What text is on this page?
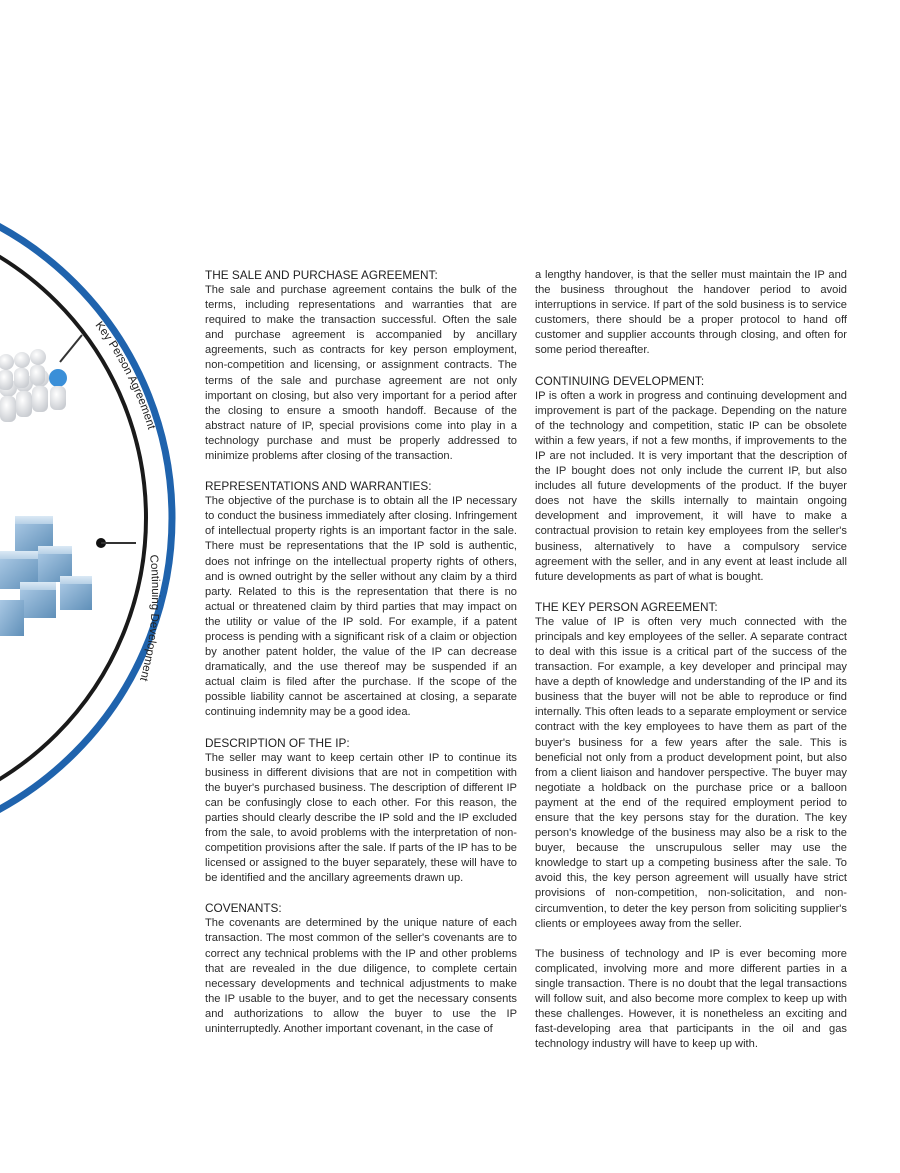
Key Person Agreement
Continuing Development

THE SALE AND PURCHASE AGREEMENT:

The sale and purchase agreement contains the bulk of the terms, including representations and warranties that are required to make the transaction successful. Often the sale and purchase agreement is accompanied by ancillary agreements, such as contracts for key person employment, non-competition and licensing, or assignment contracts. The terms of the sale and purchase agreement are not only important on closing, but also very important for a period after the closing to ensure a smooth handoff. Because of the abstract nature of IP, special provisions come into play in a technology purchase and must be properly addressed to minimize problems after closing of the transaction.

REPRESENTATIONS AND WARRANTIES:

The objective of the purchase is to obtain all the IP necessary to conduct the business immediately after closing. Infringement of intellectual property rights is an important factor in the sale. There must be representations that the IP sold is authentic, does not infringe on the intellectual property rights of others, and is owned outright by the seller without any claim by a third party. Related to this is the representation that there is no actual or threatened claim by third parties that may impact on the utility or value of the IP sold. For example, if a patent process is pending with a significant risk of a claim or objection by another patent holder, the value of the IP can decrease dramatically, and the use thereof may be suspended if an actual claim is filed after the purchase. If the scope of the possible liability cannot be ascertained at closing, a separate continuing indemnity may be a good idea.

DESCRIPTION OF THE IP:

The seller may want to keep certain other IP to continue its business in different divisions that are not in competition with the buyer's purchased business. The description of different IP can be confusingly close to each other. For this reason, the parties should clearly describe the IP sold and the IP excluded from the sale, to avoid problems with the interpretation of non-competition provisions after the sale. If parts of the IP has to be licensed or assigned to the buyer separately, these will have to be identified and the ancillary agreements drawn up.

COVENANTS:

The covenants are determined by the unique nature of each transaction. The most common of the seller's covenants are to correct any technical problems with the IP and other problems that are revealed in the due diligence, to complete certain necessary developments and technical adjustments to make the IP usable to the buyer, and to get the necessary consents and authorizations to allow the buyer to use the IP uninterruptedly. Another important covenant, in the case of

a lengthy handover, is that the seller must maintain the IP and the business throughout the handover period to avoid interruptions in service. If part of the sold business is to service customers, there should be a proper protocol to hand off customer and supplier accounts through closing, and often for some period thereafter.

CONTINUING DEVELOPMENT:

IP is often a work in progress and continuing development and improvement is part of the package. Depending on the nature of the technology and competition, static IP can be obsolete within a few years, if not a few months, if improvements to the IP are not included. It is very important that the description of the IP bought does not only include the current IP, but also includes all future developments of the product. If the buyer does not have the skills internally to maintain ongoing development and improvement, it will have to make a contractual provision to retain key employees from the seller's business, alternatively to have a compulsory service agreement with the seller, and in any event at least include all future developments as part of what is bought.

THE KEY PERSON AGREEMENT:

The value of IP is often very much connected with the principals and key employees of the seller. A separate contract to deal with this issue is a critical part of the success of the transaction. For example, a key developer and principal may have a depth of knowledge and understanding of the IP and its business that the buyer will not be able to reproduce or find internally. This often leads to a separate employment or service contract with the key employees to have them as part of the buyer's business for a few years after the sale. This is beneficial not only from a product development point, but also from a client liaison and handover perspective. The buyer may negotiate a holdback on the purchase price or a balloon payment at the end of the required employment period to ensure that the key persons stay for the duration. The key person's knowledge of the business may also be a risk to the buyer, because the unscrupulous seller may use the knowledge to start up a competing business after the sale. To avoid this, the key person agreement will usually have strict provisions of non-competition, non-solicitation, and non-circumvention, to deter the key person from soliciting supplier's clients or employees away from the seller.

The business of technology and IP is ever becoming more complicated, involving more and more different parties in a single transaction. There is no doubt that the legal transactions will follow suit, and also become more complex to keep up with these challenges. However, it is nonetheless an exciting and fast-developing area that participants in the oil and gas technology industry will have to keep up with.
